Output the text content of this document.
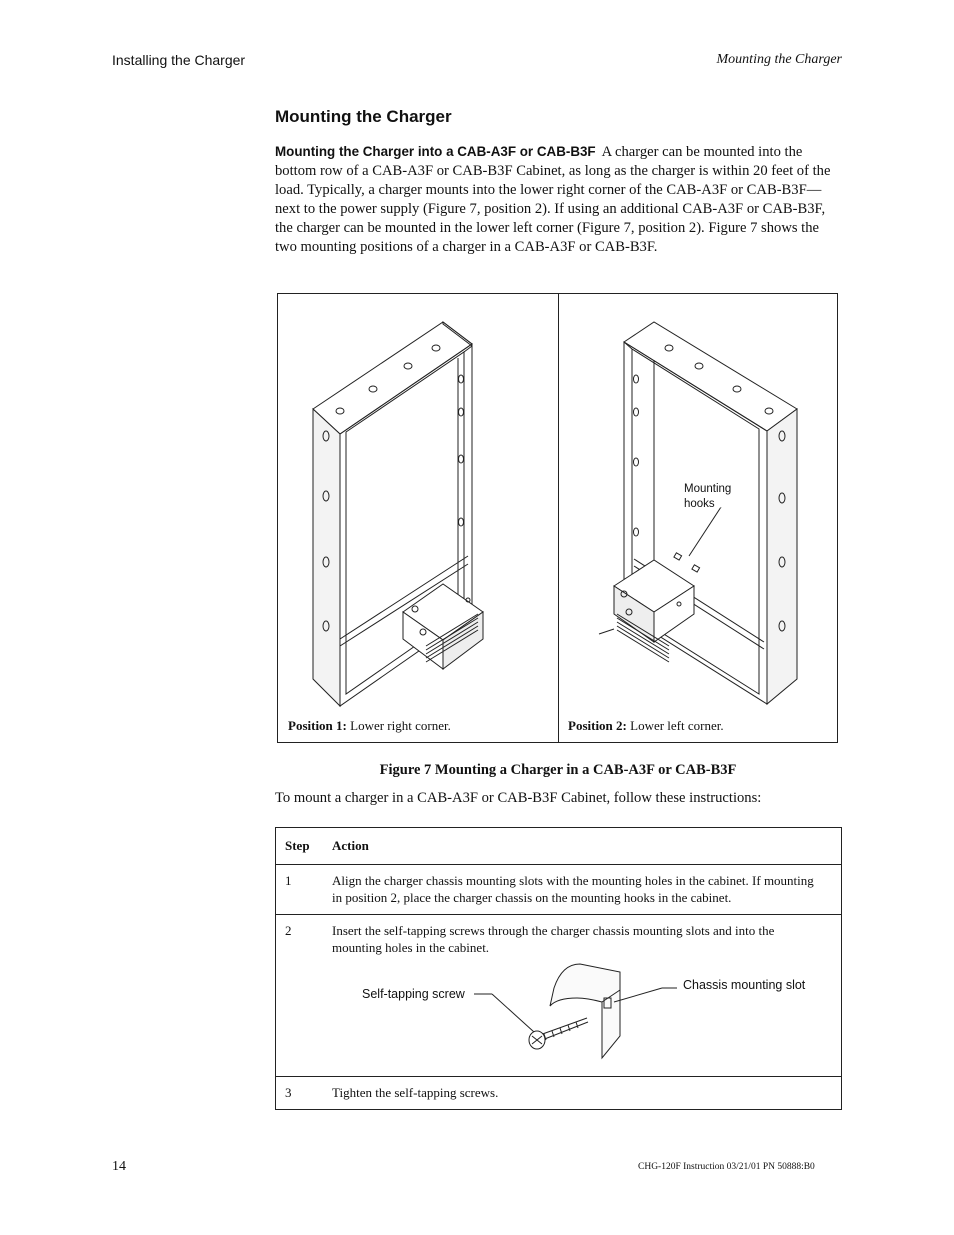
Installing the Charger	Mounting the Charger
Mounting the Charger
Mounting the Charger into a CAB-A3F or CAB-B3F A charger can be mounted into the bottom row of a CAB-A3F or CAB-B3F Cabinet, as long as the charger is within 20 feet of the load. Typically, a charger mounts into the lower right corner of the CAB-A3F or CAB-B3F—next to the power supply (Figure 7, position 2). If using an additional CAB-A3F or CAB-B3F, the charger can be mounted in the lower left corner (Figure 7, position 2). Figure 7 shows the two mounting positions of a charger in a CAB-A3F or CAB-B3F.
Mounting
hooks
Position 1: Lower right corner.	Position 2: Lower left corner.
Figure 7 Mounting a Charger in a CAB-A3F or CAB-B3F
To mount a charger in a CAB-A3F or CAB-B3F Cabinet, follow these instructions:
Step	Action
1	Align the charger chassis mounting slots with the mounting holes in the cabinet. If mounting in position 2, place the charger chassis on the mounting hooks in the cabinet.
2	Insert the self-tapping screws through the charger chassis mounting slots and into the mounting holes in the cabinet.
Self-tapping screw
Chassis mounting slot

3	Tighten the self-tapping screws.
14	CHG-120F Instruction 03/21/01 PN 50888:B0
